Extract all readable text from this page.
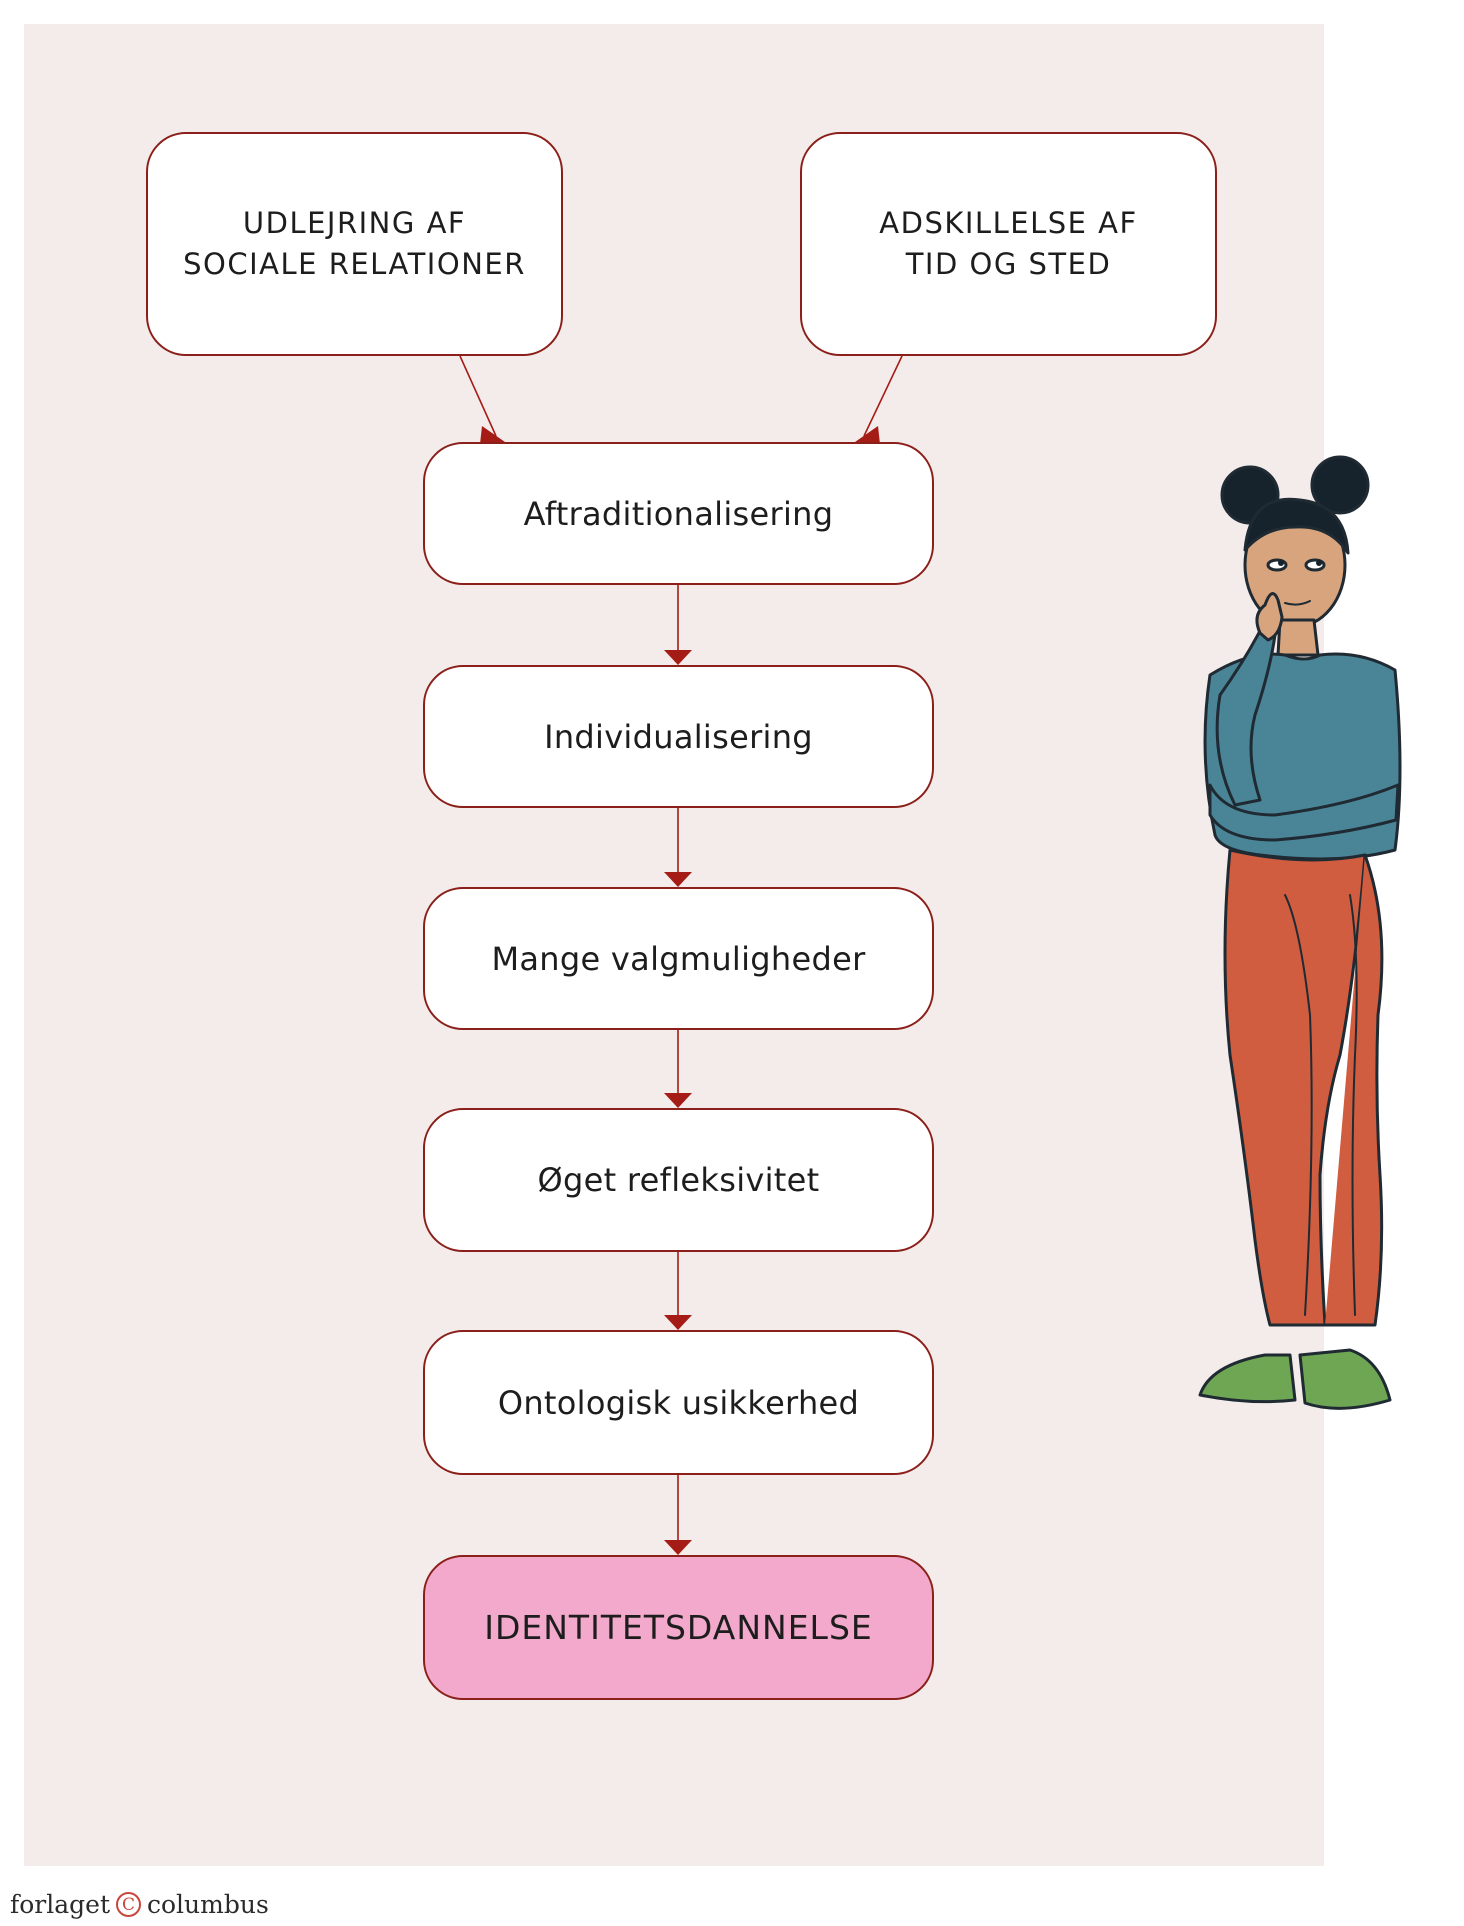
UDLEJRING AF
SOCIALE RELATIONER
ADSKILLELSE AF
TID OG STED
Aftraditionalisering
Individualisering
Mange valgmuligheder
Øget refleksivitet
Ontologisk usikkerhed
IDENTITETSDANNELSE
forlaget C columbus
